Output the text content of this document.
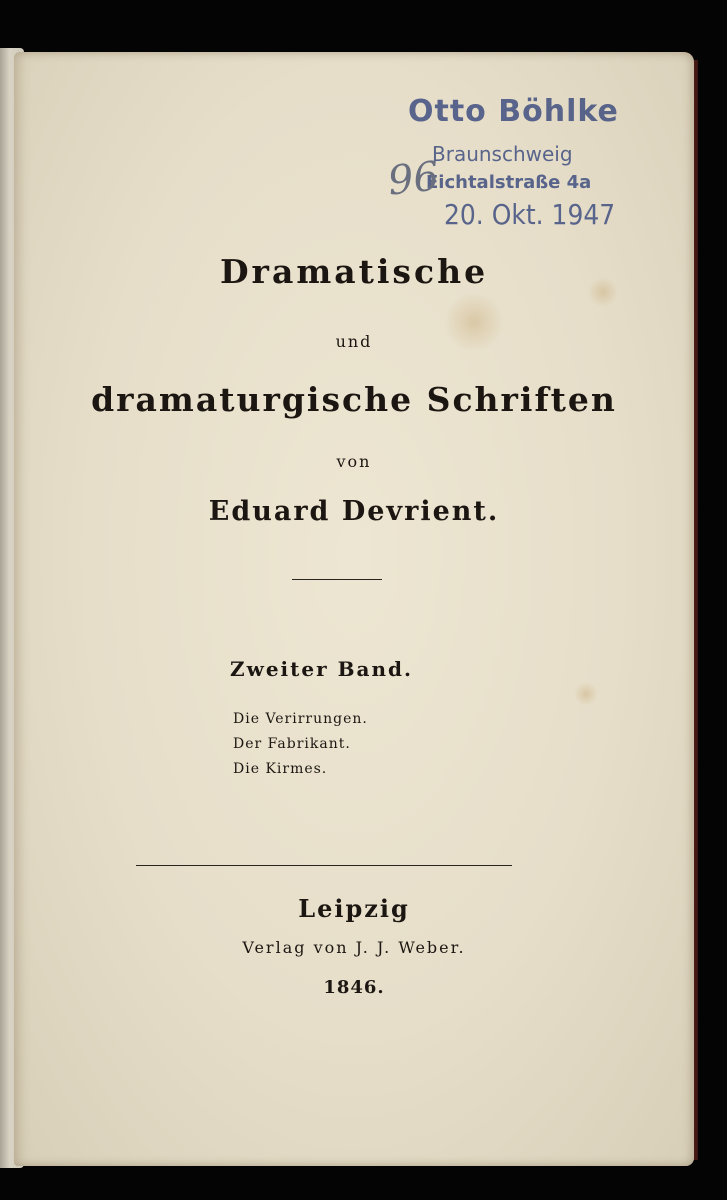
Otto Böhlke
Braunschweig
Eichtalstraße 4a
20. Okt. 1947
96
Dramatische
und
dramaturgische Schriften
von
Eduard Devrient.

Zweiter Band.
Die Verirrungen.
Der Fabrikant.
Die Kirmes.
Leipzig
Verlag von J. J. Weber.
1846.
